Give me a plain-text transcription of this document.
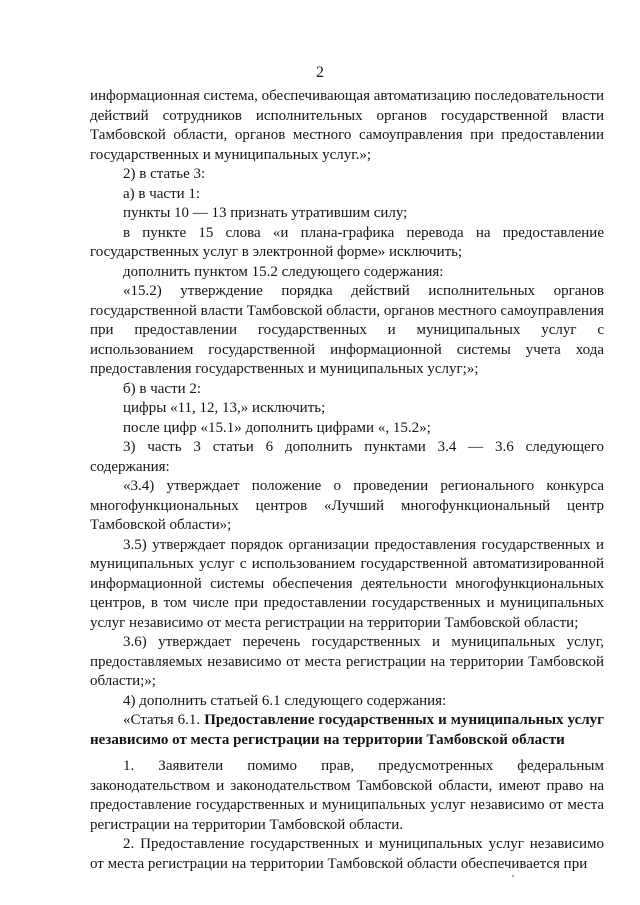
2

информационная система, обеспечивающая автоматизацию последовательности действий сотрудников исполнительных органов государственной власти Тамбовской области, органов местного самоуправления при предоставлении государственных и муниципальных услуг.»;

2) в статье 3:

а) в части 1:

пункты 10 — 13 признать утратившим силу;

в пункте 15 слова «и плана-графика перевода на предоставление государственных услуг в электронной форме» исключить;

дополнить пунктом 15.2 следующего содержания:

«15.2) утверждение порядка действий исполнительных органов государственной власти Тамбовской области, органов местного самоуправления при предоставлении государственных и муниципальных услуг с использованием государственной информационной системы учета хода предоставления государственных и муниципальных услуг;»;

б) в части 2:

цифры «11, 12, 13,» исключить;

после цифр «15.1» дополнить цифрами «, 15.2»;

3) часть 3 статьи 6 дополнить пунктами 3.4 — 3.6 следующего содержания:

«3.4) утверждает положение о проведении регионального конкурса многофункциональных центров «Лучший многофункциональный центр Тамбовской области»;

3.5) утверждает порядок организации предоставления государственных и муниципальных услуг с использованием государственной автоматизированной информационной системы обеспечения деятельности многофункциональных центров, в том числе при предоставлении государственных и муниципальных услуг независимо от места регистрации на территории Тамбовской области;

3.6) утверждает перечень государственных и муниципальных услуг, предоставляемых независимо от места регистрации на территории Тамбовской области;»;

4) дополнить статьей 6.1 следующего содержания:

«Статья 6.1. Предоставление государственных и муниципальных услуг независимо от места регистрации на территории Тамбовской области

1. Заявители помимо прав, предусмотренных федеральным законодательством и законодательством Тамбовской области, имеют право на предоставление государственных и муниципальных услуг независимо от места регистрации на территории Тамбовской области.

2. Предоставление государственных и муниципальных услуг независимо от места регистрации на территории Тамбовской области обеспечивается при
